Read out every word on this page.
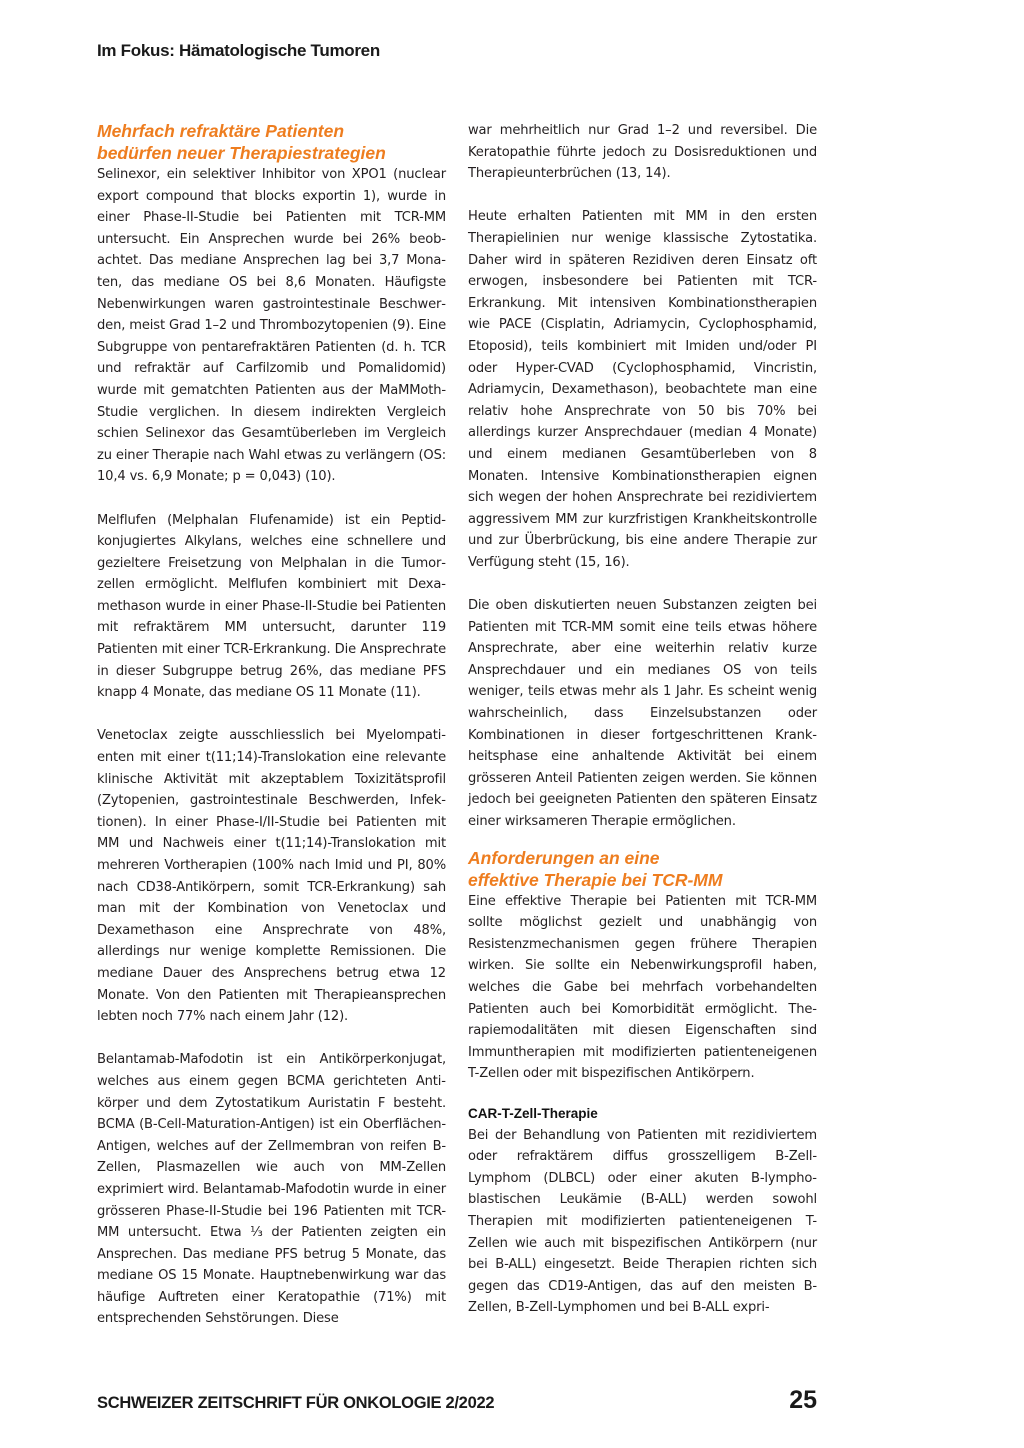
Im Fokus: Hämatologische Tumoren
Mehrfach refraktäre Patienten
bedürfen neuer Therapiestrategien

Selinexor, ein selektiver Inhibitor von XPO1 (nuclear export compound that blocks exportin 1), wurde in einer Phase-II-Studie bei Patienten mit TCR-MM untersucht. Ein Ansprechen wurde bei 26% beobachtet. Das mediane Ansprechen lag bei 3,7 Monaten, das mediane OS bei 8,6 Monaten. Häufigste Nebenwirkungen waren gastrointestinale Beschwerden, meist Grad 1–2 und Thrombozytopenien (9). Eine Subgruppe von pentarefraktären Patienten (d. h. TCR und refraktär auf Carfilzomib und Pomalidomid) wurde mit gematchten Patienten aus der MaMMoth-Studie verglichen. In diesem indirekten Vergleich schien Selinexor das Gesamtüberleben im Vergleich zu einer Therapie nach Wahl etwas zu verlängern (OS: 10,4 vs. 6,9 Monate; p = 0,043) (10).

Melflufen (Melphalan Flufenamide) ist ein Peptidkonjugiertes Alkylans, welches eine schnellere und gezieltere Freisetzung von Melphalan in die Tumorzellen ermöglicht. Melflufen kombiniert mit Dexamethason wurde in einer Phase-II-Studie bei Patienten mit refraktärem MM untersucht, darunter 119 Patienten mit einer TCR-Erkrankung. Die Ansprechrate in dieser Subgruppe betrug 26%, das mediane PFS knapp 4 Monate, das mediane OS 11 Monate (11).

Venetoclax zeigte ausschliesslich bei Myelompatienten mit einer t(11;14)-Translokation eine relevante klinische Aktivität mit akzeptablem Toxizitätsprofil (Zytopenien, gastrointestinale Beschwerden, Infektionen). In einer Phase-I/II-Studie bei Patienten mit MM und Nachweis einer t(11;14)-Translokation mit mehreren Vortherapien (100% nach Imid und PI, 80% nach CD38-Antikörpern, somit TCR-Erkrankung) sah man mit der Kombination von Venetoclax und Dexamethason eine Ansprechrate von 48%, allerdings nur wenige komplette Remissionen. Die mediane Dauer des Ansprechens betrug etwa 12 Monate. Von den Patienten mit Therapieansprechen lebten noch 77% nach einem Jahr (12).

Belantamab-Mafodotin ist ein Antikörperkonjugat, welches aus einem gegen BCMA gerichteten Antikörper und dem Zytostatikum Auristatin F besteht. BCMA (B-Cell-Maturation-Antigen) ist ein Oberflächen-Antigen, welches auf der Zellmembran von reifen B-Zellen, Plasmazellen wie auch von MM-Zellen exprimiert wird. Belantamab-Mafodotin wurde in einer grösseren Phase-II-Studie bei 196 Patienten mit TCR-MM untersucht. Etwa ⅓ der Patienten zeigten ein Ansprechen. Das mediane PFS betrug 5 Monate, das mediane OS 15 Monate. Hauptnebenwirkung war das häufige Auftreten einer Keratopathie (71%) mit entsprechenden Sehstörungen. Diese

war mehrheitlich nur Grad 1–2 und reversibel. Die Keratopathie führte jedoch zu Dosisreduktionen und Therapieunterbrüchen (13, 14).

Heute erhalten Patienten mit MM in den ersten Therapielinien nur wenige klassische Zytostatika. Daher wird in späteren Rezidiven deren Einsatz oft erwogen, insbesondere bei Patienten mit TCR-Erkrankung. Mit intensiven Kombinationstherapien wie PACE (Cisplatin, Adriamycin, Cyclophosphamid, Etoposid), teils kombiniert mit Imiden und/oder PI oder Hyper-CVAD (Cyclophosphamid, Vincristin, Adriamycin, Dexamethason), beobachtete man eine relativ hohe Ansprechrate von 50 bis 70% bei allerdings kurzer Ansprechdauer (median 4 Monate) und einem medianen Gesamtüberleben von 8 Monaten. Intensive Kombinationstherapien eignen sich wegen der hohen Ansprechrate bei rezidiviertem aggressivem MM zur kurzfristigen Krankheitskontrolle und zur Überbrückung, bis eine andere Therapie zur Verfügung steht (15, 16).

Die oben diskutierten neuen Substanzen zeigten bei Patienten mit TCR-MM somit eine teils etwas höhere Ansprechrate, aber eine weiterhin relativ kurze Ansprechdauer und ein medianes OS von teils weniger, teils etwas mehr als 1 Jahr. Es scheint wenig wahrscheinlich, dass Einzelsubstanzen oder Kombinationen in dieser fortgeschrittenen Krankheitsphase eine anhaltende Aktivität bei einem grösseren Anteil Patienten zeigen werden. Sie können jedoch bei geeigneten Patienten den späteren Einsatz einer wirksameren Therapie ermöglichen.

Anforderungen an eine
effektive Therapie bei TCR-MM

Eine effektive Therapie bei Patienten mit TCR-MM sollte möglichst gezielt und unabhängig von Resistenzmechanismen gegen frühere Therapien wirken. Sie sollte ein Nebenwirkungsprofil haben, welches die Gabe bei mehrfach vorbehandelten Patienten auch bei Komorbidität ermöglicht. Therapiemodalitäten mit diesen Eigenschaften sind Immuntherapien mit modifizierten patienteneigenen T-Zellen oder mit bispezifischen Antikörpern.

CAR-T-Zell-Therapie

Bei der Behandlung von Patienten mit rezidiviertem oder refraktärem diffus grosszelligem B-Zell-Lymphom (DLBCL) oder einer akuten B-lymphoblastischen Leukämie (B-ALL) werden sowohl Therapien mit modifizierten patienteneigenen T-Zellen wie auch mit bispezifischen Antikörpern (nur bei B-ALL) eingesetzt. Beide Therapien richten sich gegen das CD19-Antigen, das auf den meisten B-Zellen, B-Zell-Lymphomen und bei B-ALL expri-

SCHWEIZER ZEITSCHRIFT FÜR ONKOLOGIE 2/2022	25
